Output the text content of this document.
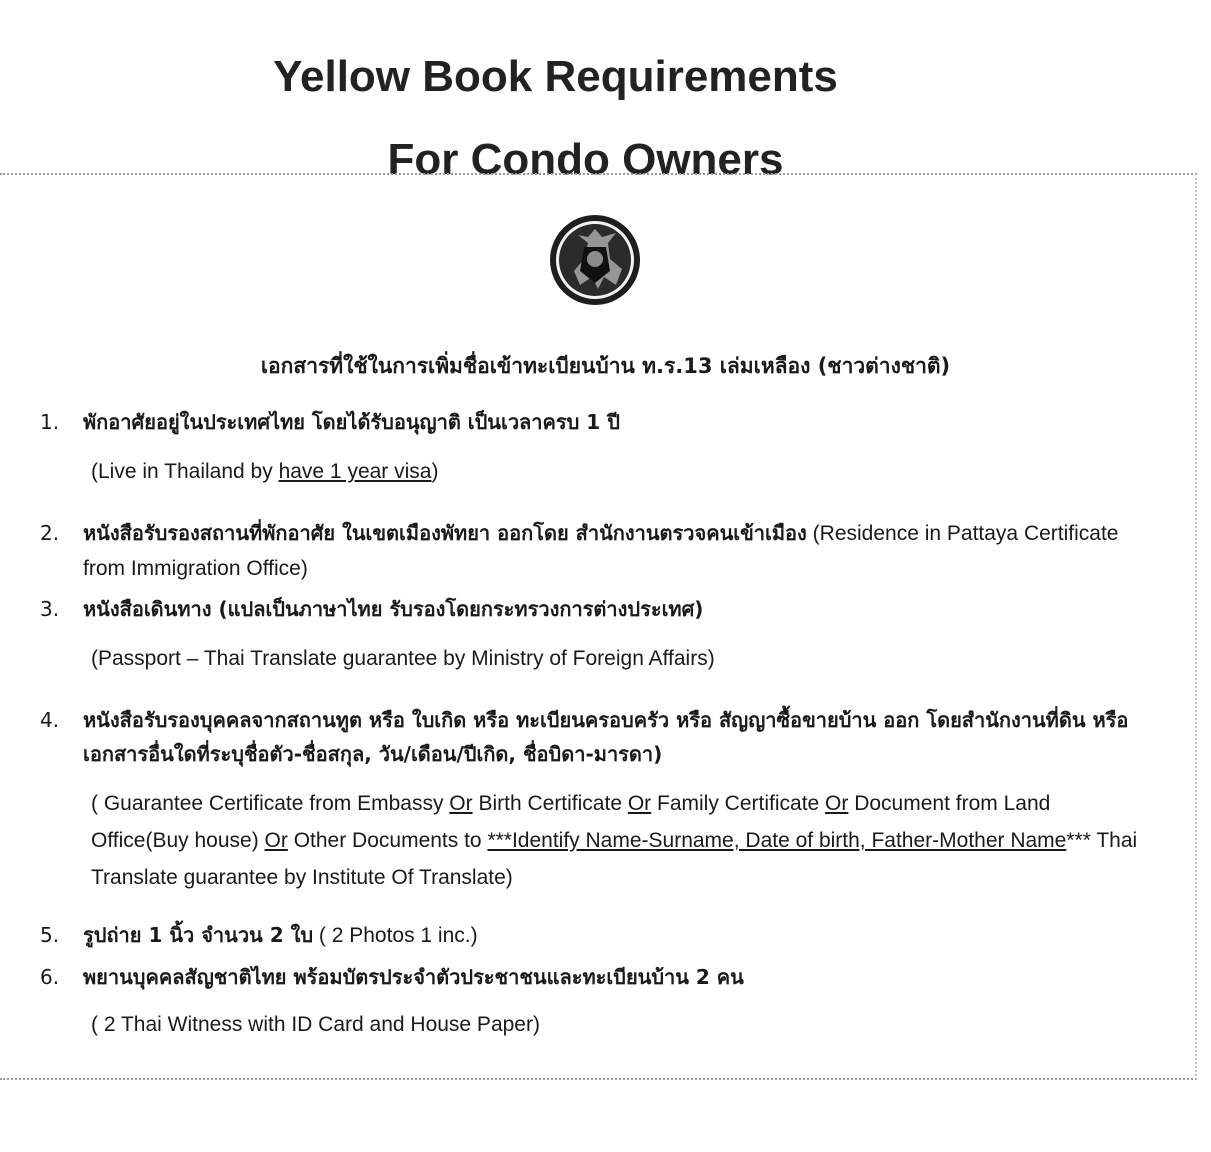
Yellow Book Requirements
For Condo Owners
เอกสารที่ใช้ในการเพิ่มชื่อเข้าทะเบียนบ้าน ท.ร.13 เล่มเหลือง (ชาวต่างชาติ)
1.	พักอาศัยอยู่ในประเทศไทย โดยได้รับอนุญาติ เป็นเวลาครบ 1 ปี
(Live in Thailand by have 1 year visa)
2.	หนังสือรับรองสถานที่พักอาศัย ในเขตเมืองพัทยา ออกโดย สำนักงานตรวจคนเข้าเมือง (Residence in Pattaya Certificate from Immigration Office)
3.	หนังสือเดินทาง (แปลเป็นภาษาไทย รับรองโดยกระทรวงการต่างประเทศ)
(Passport – Thai Translate guarantee by Ministry of Foreign Affairs)
4.	หนังสือรับรองบุคคลจากสถานทูต หรือ ใบเกิด หรือ ทะเบียนครอบครัว หรือ สัญญาซื้อขายบ้าน ออก โดยสำนักงานที่ดิน หรือ เอกสารอื่นใดที่ระบุชื่อตัว-ชื่อสกุล, วัน/เดือน/ปีเกิด, ชื่อบิดา-มารดา)
( Guarantee Certificate from Embassy Or Birth Certificate Or Family Certificate Or Document from Land Office(Buy house) Or Other Documents to ***Identify Name-Surname, Date of birth, Father-Mother Name*** Thai Translate guarantee by Institute Of Translate)
5.	รูปถ่าย 1 นิ้ว จำนวน 2 ใบ ( 2 Photos 1 inc.)
6.	พยานบุคคลสัญชาติไทย พร้อมบัตรประจำตัวประชาชนและทะเบียนบ้าน 2 คน
( 2 Thai Witness with ID Card and House Paper)
